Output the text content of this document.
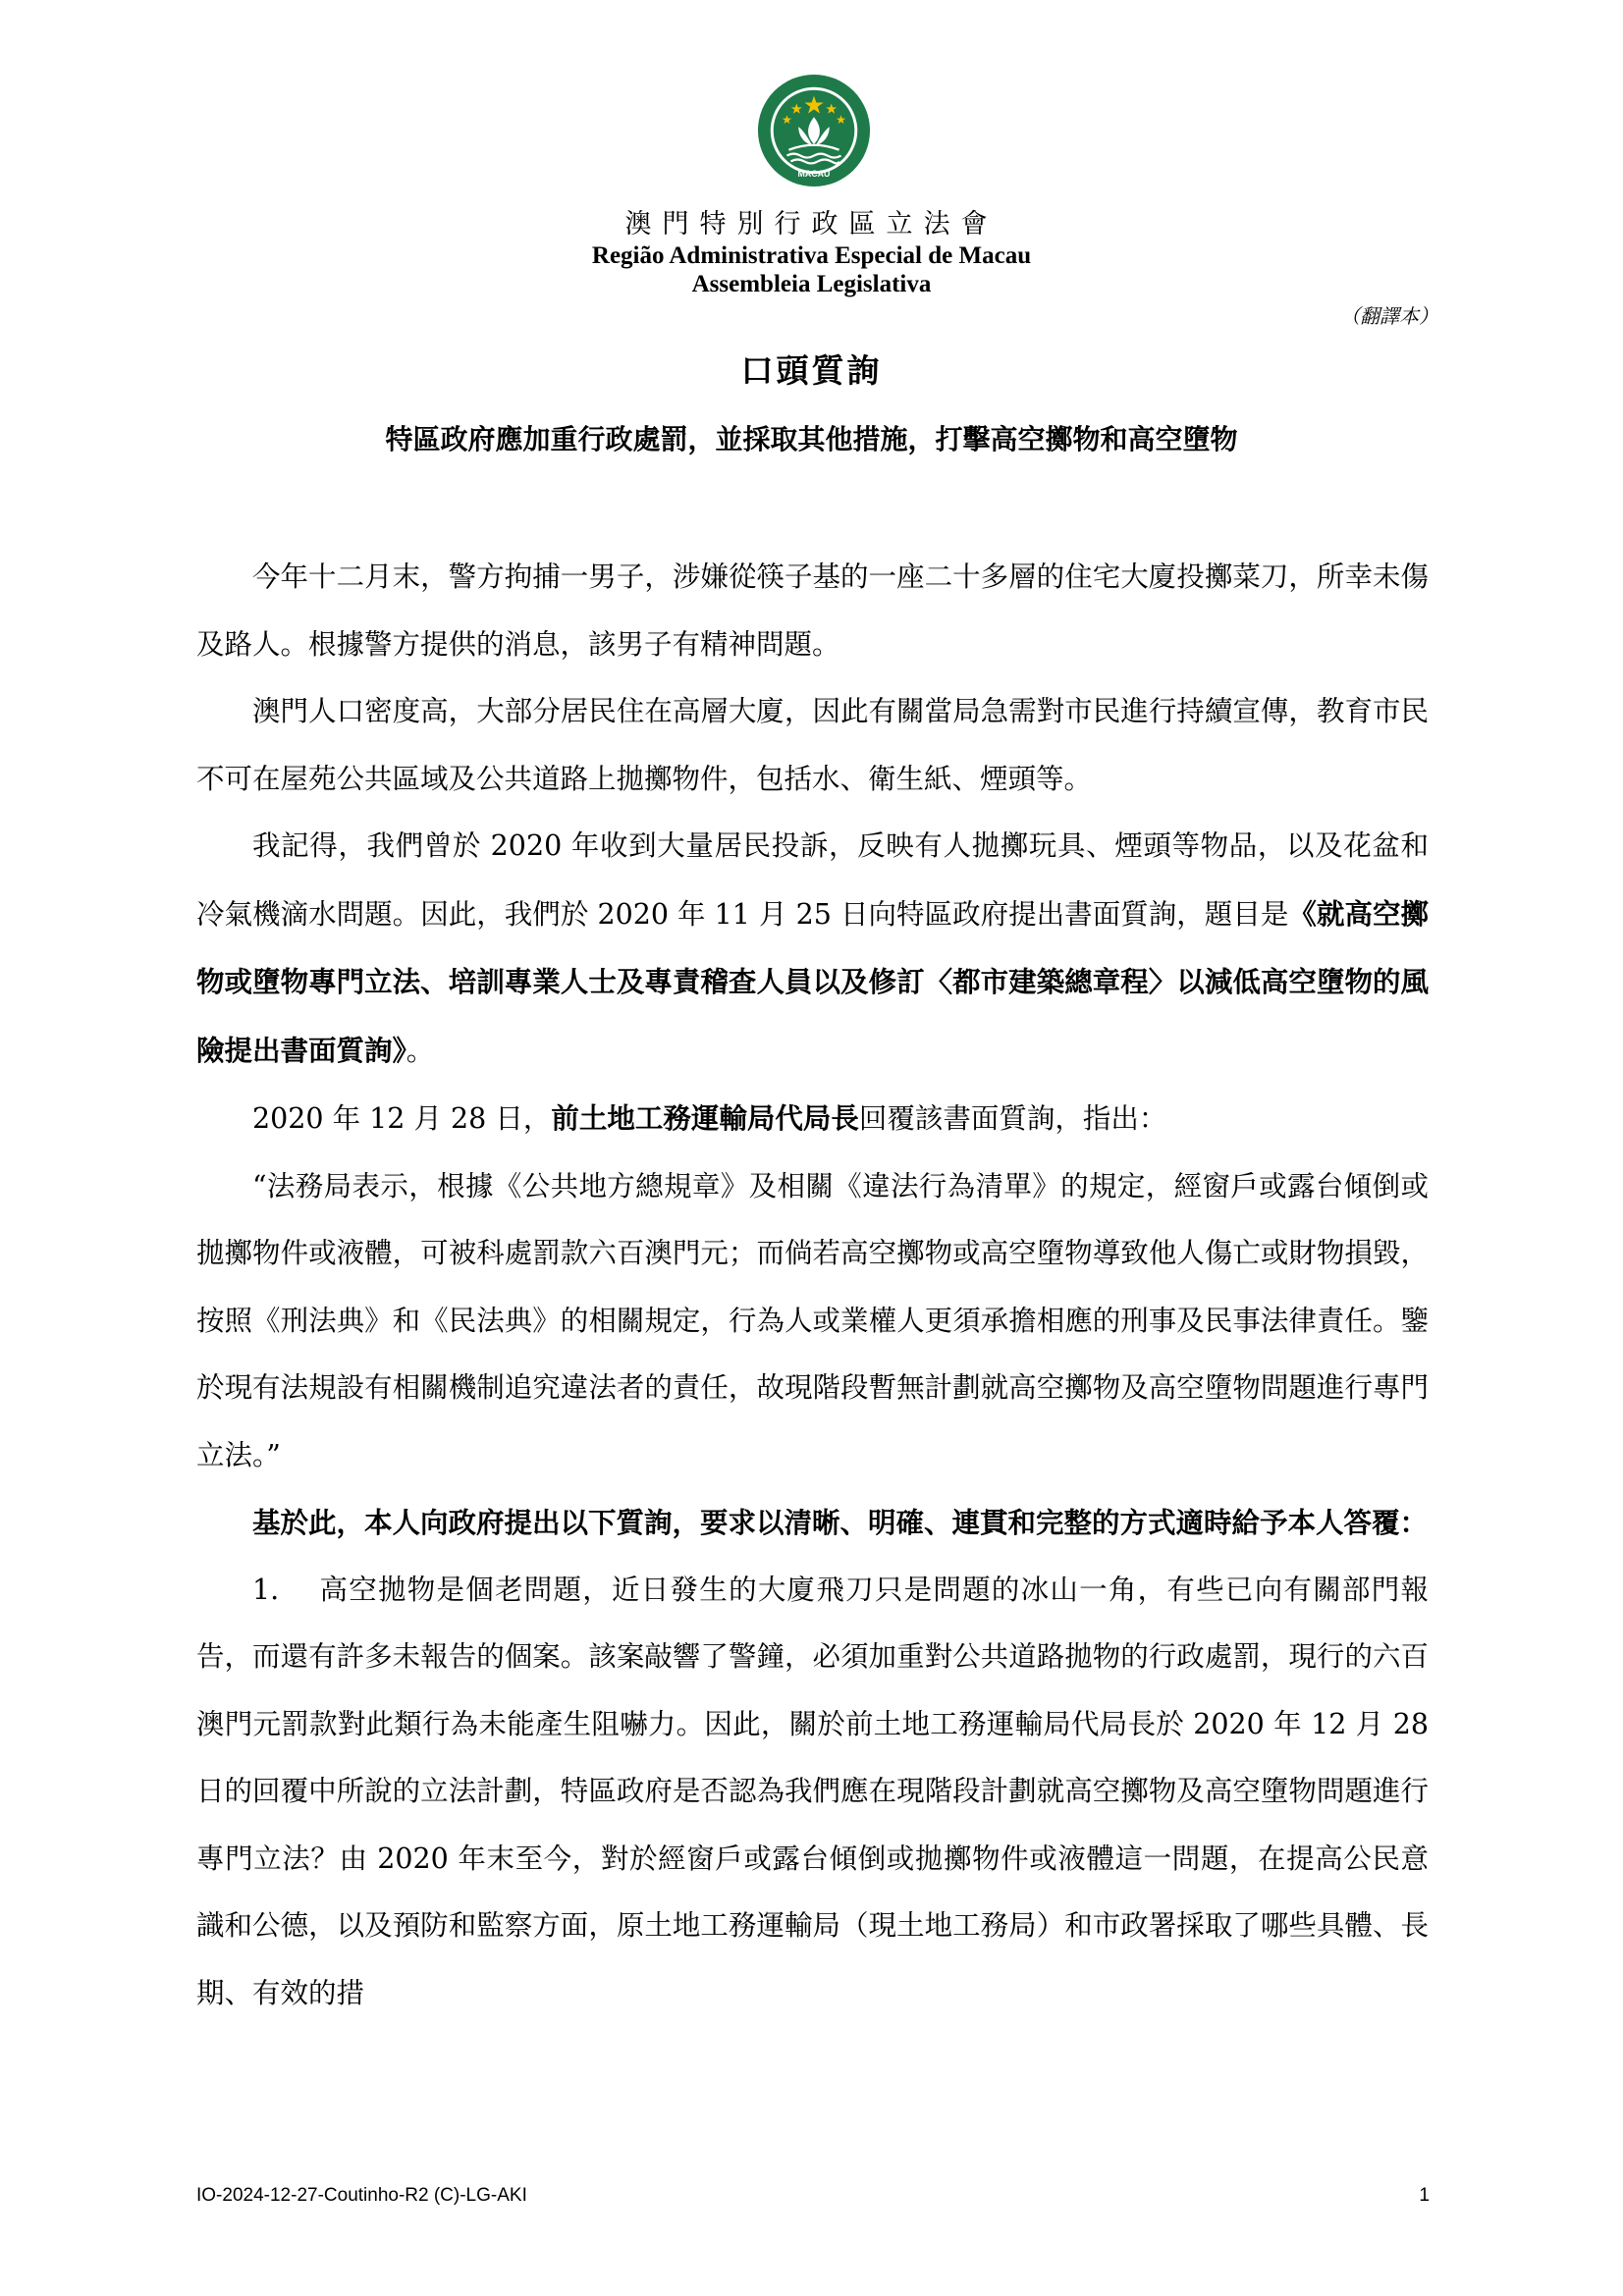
MACAU
澳門特別行政區立法會
Região Administrativa Especial de Macau
Assembleia Legislativa
（翻譯本）
口頭質詢
特區政府應加重行政處罰，並採取其他措施，打擊高空擲物和高空墮物

今年十二月末，警方拘捕一男子，涉嫌從筷子基的一座二十多層的住宅大廈投擲菜刀，所幸未傷及路人。根據警方提供的消息，該男子有精神問題。

澳門人口密度高，大部分居民住在高層大廈，因此有關當局急需對市民進行持續宣傳，教育市民不可在屋苑公共區域及公共道路上拋擲物件，包括水、衛生紙、煙頭等。

我記得，我們曾於 2020 年收到大量居民投訴，反映有人拋擲玩具、煙頭等物品，以及花盆和冷氣機滴水問題。因此，我們於 2020 年 11 月 25 日向特區政府提出書面質詢，題目是《就高空擲物或墮物專門立法、培訓專業人士及專責稽查人員以及修訂〈都市建築總章程〉以減低高空墮物的風險提出書面質詢》。

2020 年 12 月 28 日，前土地工務運輸局代局長回覆該書面質詢，指出：

“法務局表示，根據《公共地方總規章》及相關《違法行為清單》的規定，經窗戶或露台傾倒或拋擲物件或液體，可被科處罰款六百澳門元；而倘若高空擲物或高空墮物導致他人傷亡或財物損毀，按照《刑法典》和《民法典》的相關規定，行為人或業權人更須承擔相應的刑事及民事法律責任。鑒於現有法規設有相關機制追究違法者的責任，故現階段暫無計劃就高空擲物及高空墮物問題進行專門立法。”

基於此，本人向政府提出以下質詢，要求以清晰、明確、連貫和完整的方式適時給予本人答覆：

1. 高空拋物是個老問題，近日發生的大廈飛刀只是問題的冰山一角，有些已向有關部門報告，而還有許多未報告的個案。該案敲響了警鐘，必須加重對公共道路拋物的行政處罰，現行的六百澳門元罰款對此類行為未能產生阻嚇力。因此，關於前土地工務運輸局代局長於 2020 年 12 月 28 日的回覆中所說的立法計劃，特區政府是否認為我們應在現階段計劃就高空擲物及高空墮物問題進行專門立法？由 2020 年末至今，對於經窗戶或露台傾倒或拋擲物件或液體這一問題，在提高公民意識和公德，以及預防和監察方面，原土地工務運輸局（現土地工務局）和市政署採取了哪些具體、長期、有效的措

IO-2024-12-27-Coutinho-R2 (C)-LG-AKI	1
